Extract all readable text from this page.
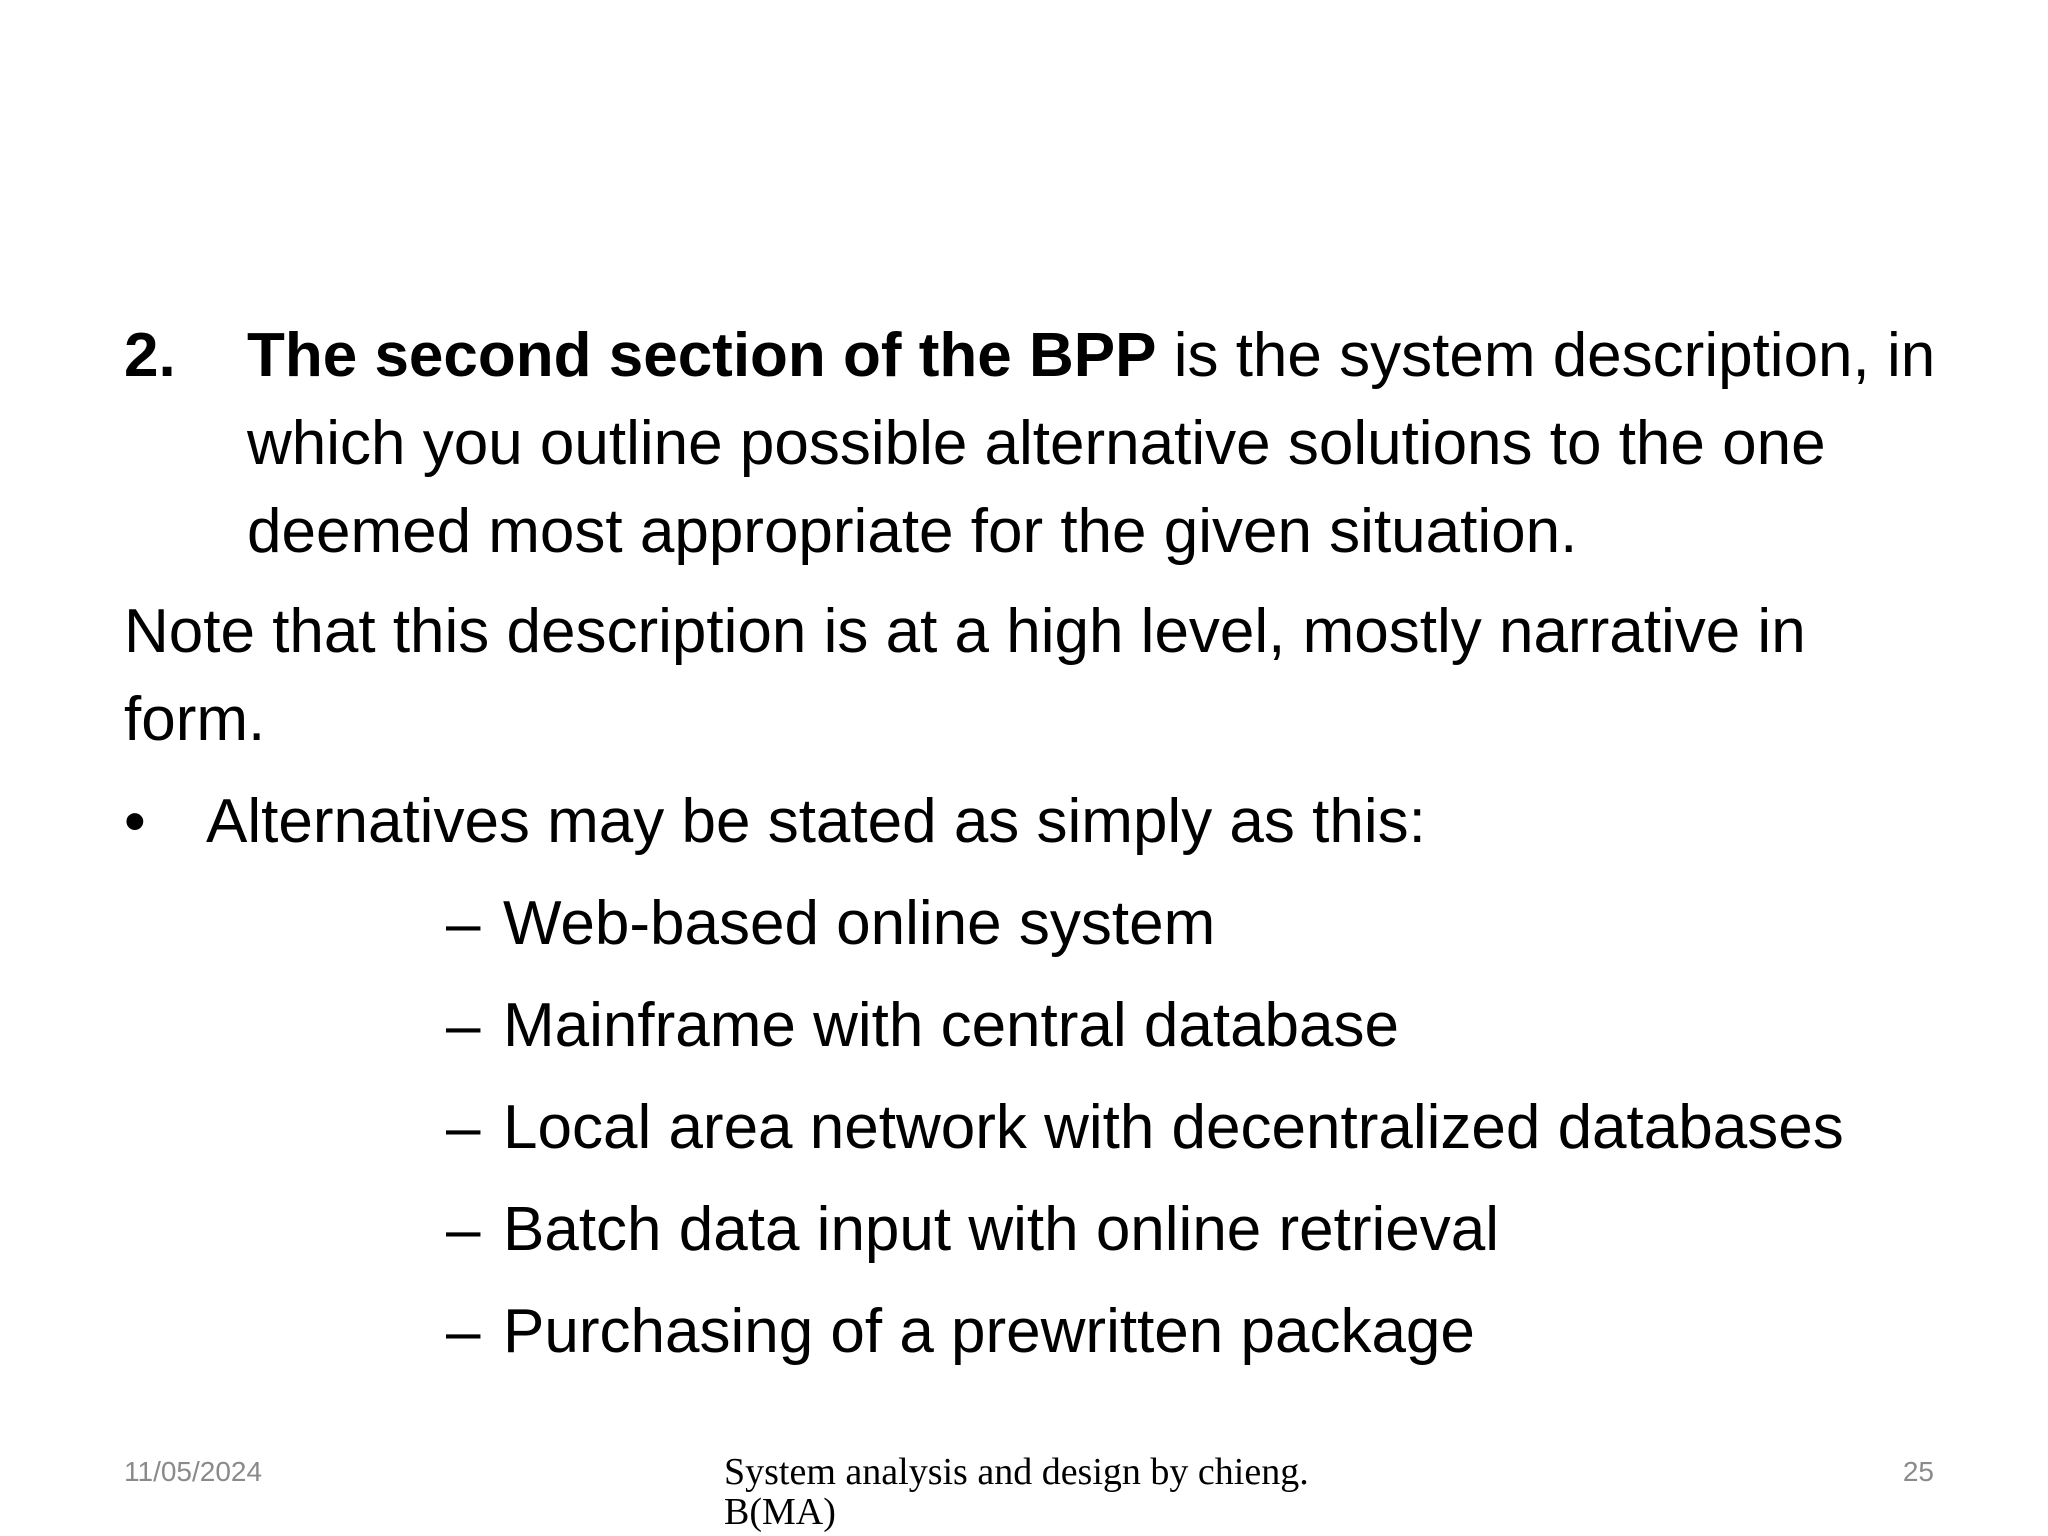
2. The second section of the BPP is the system description, in which you outline possible alternative solutions to the one deemed most appropriate for the given situation.
Note that this description is at a high level, mostly narrative in form.
• Alternatives may be stated as simply as this:
– Web-based online system
– Mainframe with central database
– Local area network with decentralized databases
– Batch data input with online retrieval
– Purchasing of a prewritten package
11/05/2024	System analysis and design by chieng. B(MA)
25
